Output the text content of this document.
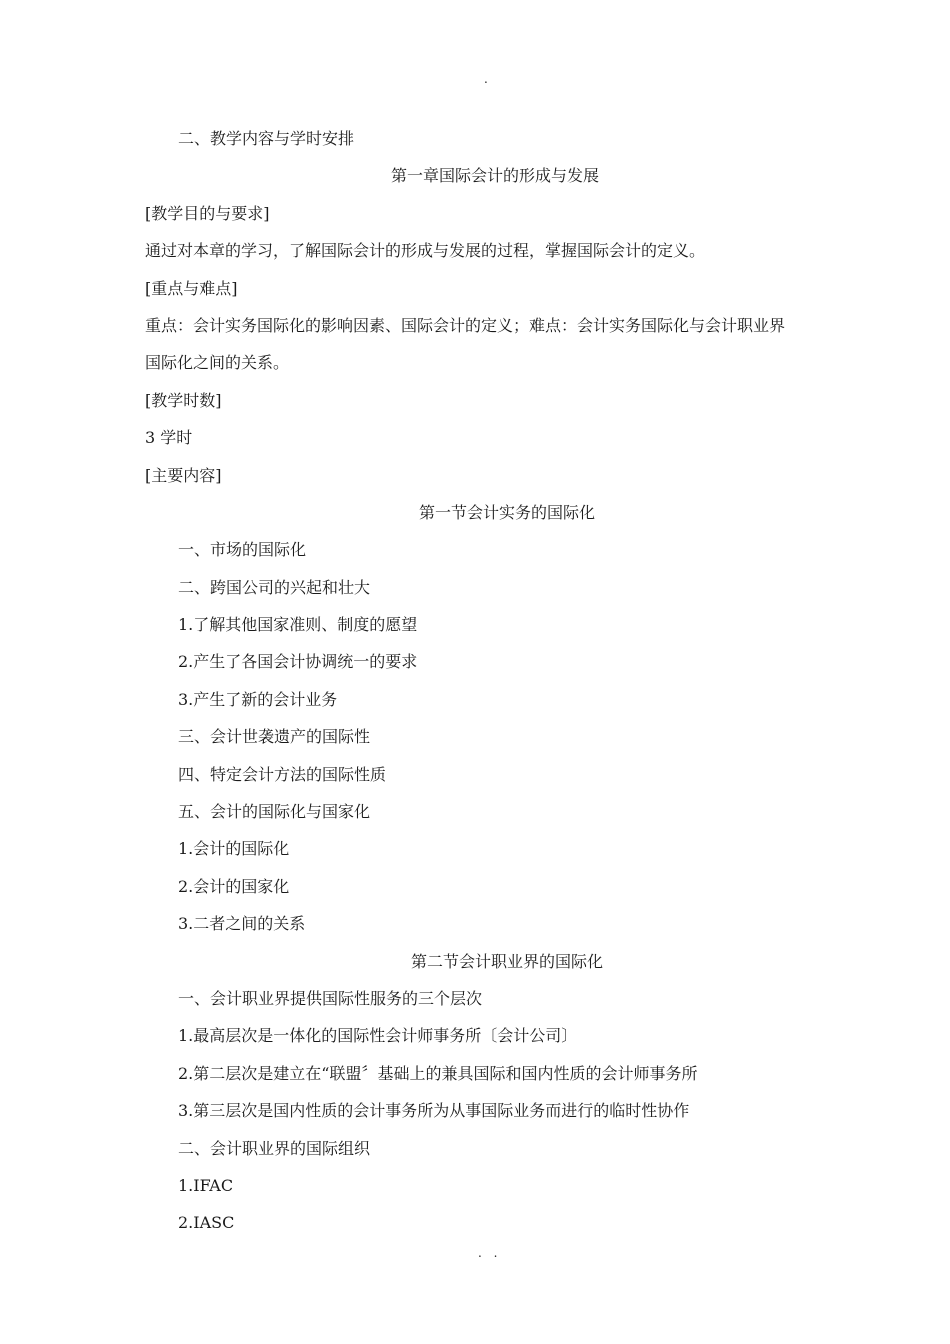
.
二、教学内容与学时安排
第一章国际会计的形成与发展
[教学目的与要求]
通过对本章的学习，了解国际会计的形成与发展的过程，掌握国际会计的定义。
[重点与难点]
重点：会计实务国际化的影响因素、国际会计的定义；难点：会计实务国际化与会计职业界
国际化之间的关系。
[教学时数]
3 学时
[主要内容]
第一节会计实务的国际化
一、市场的国际化
二、跨国公司的兴起和壮大
1.了解其他国家准则、制度的愿望
2.产生了各国会计协调统一的要求
3.产生了新的会计业务
三、会计世袭遗产的国际性
四、特定会计方法的国际性质
五、会计的国际化与国家化
1.会计的国际化
2.会计的国家化
3.二者之间的关系
第二节会计职业界的国际化
一、会计职业界提供国际性服务的三个层次
1.最高层次是一体化的国际性会计师事务所〔会计公司〕
2.第二层次是建立在“联盟〞基础上的兼具国际和国内性质的会计师事务所
3.第三层次是国内性质的会计事务所为从事国际业务而进行的临时性协作
二、会计职业界的国际组织
1.IFAC
2.IASC
. .
